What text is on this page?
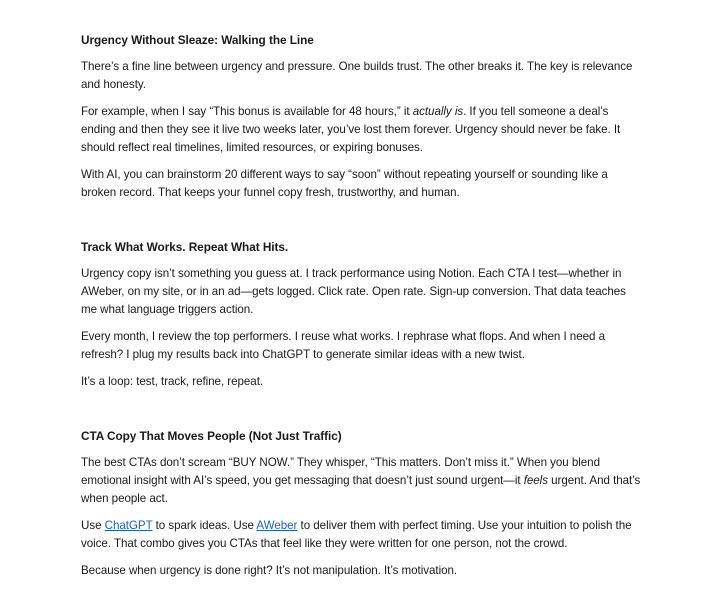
Urgency Without Sleaze: Walking the Line

There’s a fine line between urgency and pressure. One builds trust. The other breaks it. The key is relevance and honesty.

For example, when I say “This bonus is available for 48 hours,” it actually is. If you tell someone a deal’s ending and then they see it live two weeks later, you’ve lost them forever. Urgency should never be fake. It should reflect real timelines, limited resources, or expiring bonuses.

With AI, you can brainstorm 20 different ways to say “soon” without repeating yourself or sounding like a broken record. That keeps your funnel copy fresh, trustworthy, and human.

Track What Works. Repeat What Hits.

Urgency copy isn’t something you guess at. I track performance using Notion. Each CTA I test—whether in AWeber, on my site, or in an ad—gets logged. Click rate. Open rate. Sign-up conversion. That data teaches me what language triggers action.

Every month, I review the top performers. I reuse what works. I rephrase what flops. And when I need a refresh? I plug my results back into ChatGPT to generate similar ideas with a new twist.

It’s a loop: test, track, refine, repeat.

CTA Copy That Moves People (Not Just Traffic)

The best CTAs don’t scream “BUY NOW.” They whisper, “This matters. Don’t miss it.” When you blend emotional insight with AI’s speed, you get messaging that doesn’t just sound urgent—it feels urgent. And that’s when people act.

Use ChatGPT to spark ideas. Use AWeber to deliver them with perfect timing. Use your intuition to polish the voice. That combo gives you CTAs that feel like they were written for one person, not the crowd.

Because when urgency is done right? It’s not manipulation. It’s motivation.
